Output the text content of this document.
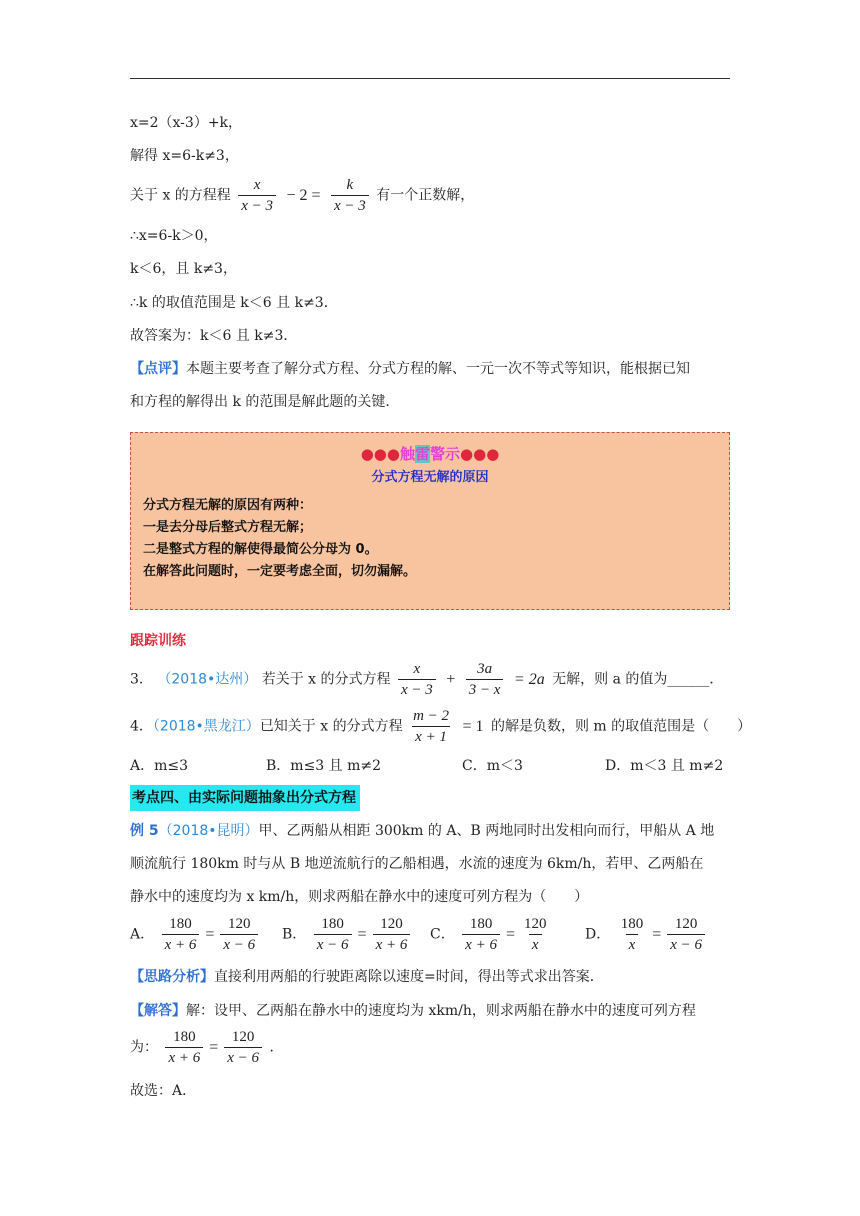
x=2（x-3）+k，
解得 x=6-k≠3，
关于 x 的方程程 $\frac{x}{x - 3} - 2 = \frac{k}{x - 3}$ 有一个正数解，
∴x=6-k＞0，
k＜6，且 k≠3，
∴k 的取值范围是 k＜6 且 k≠3．
故答案为：k＜6 且 k≠3．
【点评】本题主要考查了解分式方程、分式方程的解、一元一次不等式等知识，能根据已知
和方程的解得出 k 的范围是解此题的关键．
●●●触雷警示●●●
分式方程无解的原因
分式方程无解的原因有两种：
一是去分母后整式方程无解；
二是整式方程的解使得最简公分母为 0。
在解答此问题时，一定要考虑全面，切勿漏解。
跟踪训练
3． （2018•达州） 若关于 x 的分式方程 $\frac{x}{x - 3} + \frac{3a}{3 - x} = 2a$ 无解，则 a 的值为______．
4．（2018•黑龙江）已知关于 x 的分式方程 $\frac{m - 2}{x + 1} = 1$ 的解是负数，则 m 的取值范围是（　　）
A．m≤3	B．m≤3 且 m≠2	C．m＜3	D．m＜3 且 m≠2
考点四、由实际问题抽象出分式方程
例 5（2018•昆明）甲、乙两船从相距 300km 的 A、B 两地同时出发相向而行，甲船从 A 地
顺流航行 180km 时与从 B 地逆流航行的乙船相遇，水流的速度为 6km/h，若甲、乙两船在
静水中的速度均为 x km/h，则求两船在静水中的速度可列方程为（　　）
A． $\frac{180}{x + 6} = \frac{120}{x - 6}$ B． $\frac{180}{x - 6} = \frac{120}{x + 6}$ C． $\frac{180}{x + 6} = \frac{120}{x}$	D． $\frac{180}{x} = \frac{120}{x - 6}$
【思路分析】直接利用两船的行驶距离除以速度=时间，得出等式求出答案．
【解答】解：设甲、乙两船在静水中的速度均为 xkm/h，则求两船在静水中的速度可列方程
为： $\frac{180}{x + 6} = \frac{120}{x - 6}$ ．
故选：A．
